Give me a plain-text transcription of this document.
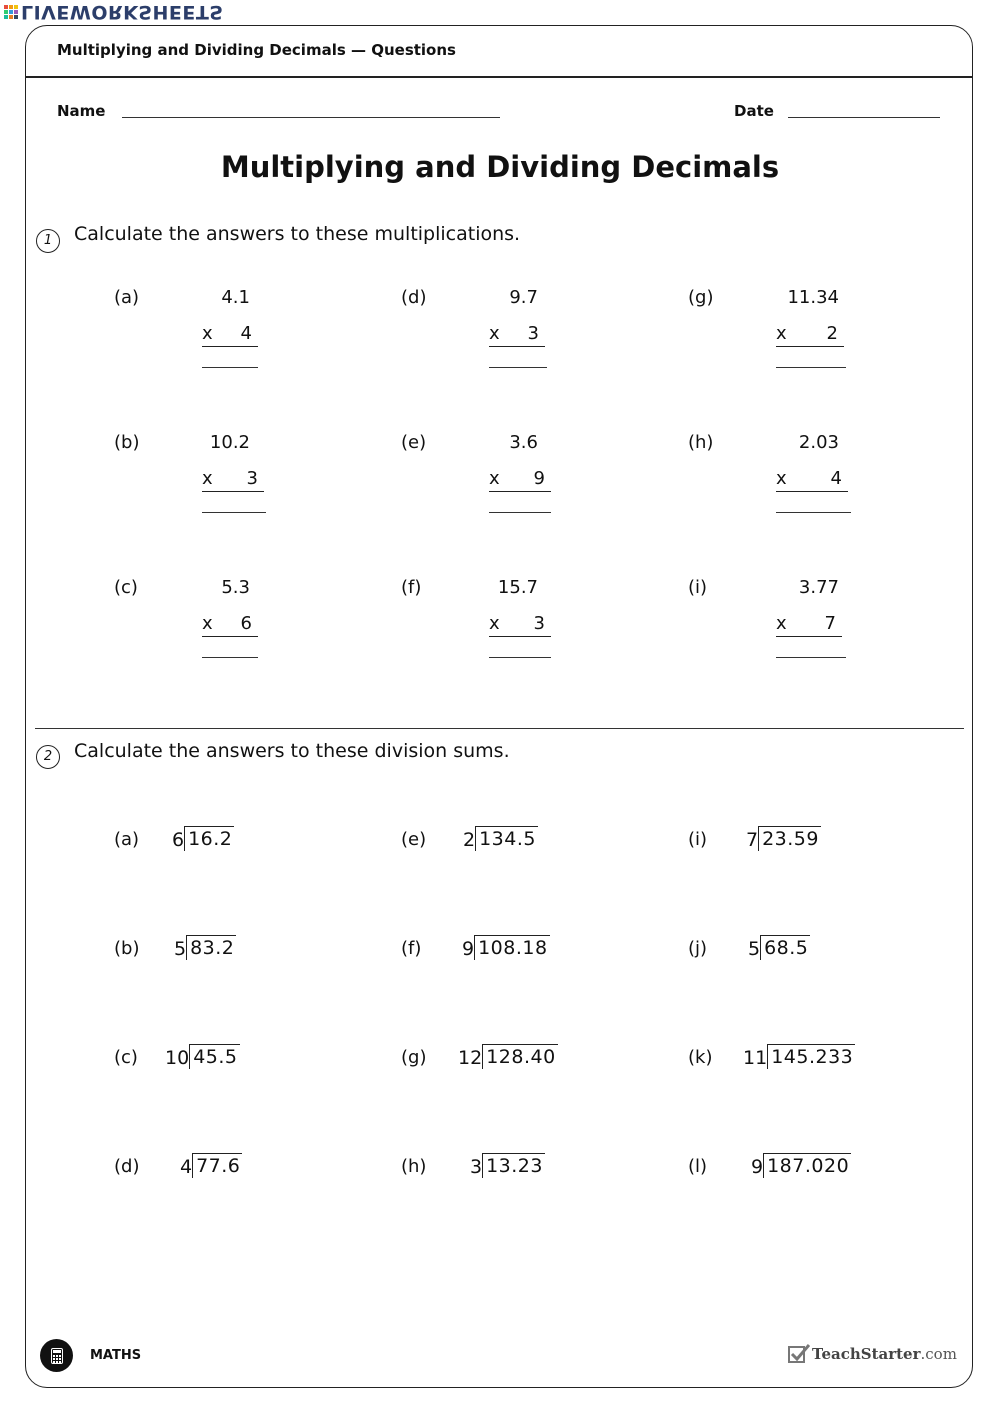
LIVEWORKSHEETS
Multiplying and Dividing Decimals — Questions
Name	Date
Multiplying and Dividing Decimals
1	Calculate the answers to these multiplications.
(a)	4.1
x 4
(b)	10.2
x 3
(c)	5.3
x 6
(d)	9.7
x 3
(e)	3.6
x 9
(f)	15.7
x 3
(g)	11.34
x 2
(h)	2.03
x 4
(i)	3.77
x 7
2	Calculate the answers to these division sums.
(a) 6 16.2
(b) 5 83.2
(c) 10 45.5
(d) 4 77.6
(e) 2 134.5
(f) 9 108.18
(g) 12 128.40
(h) 3 13.23
(i) 7 23.59
(j) 5 68.5
(k) 11 145.233
(l) 9 187.020
MATHS	TeachStarter.com
